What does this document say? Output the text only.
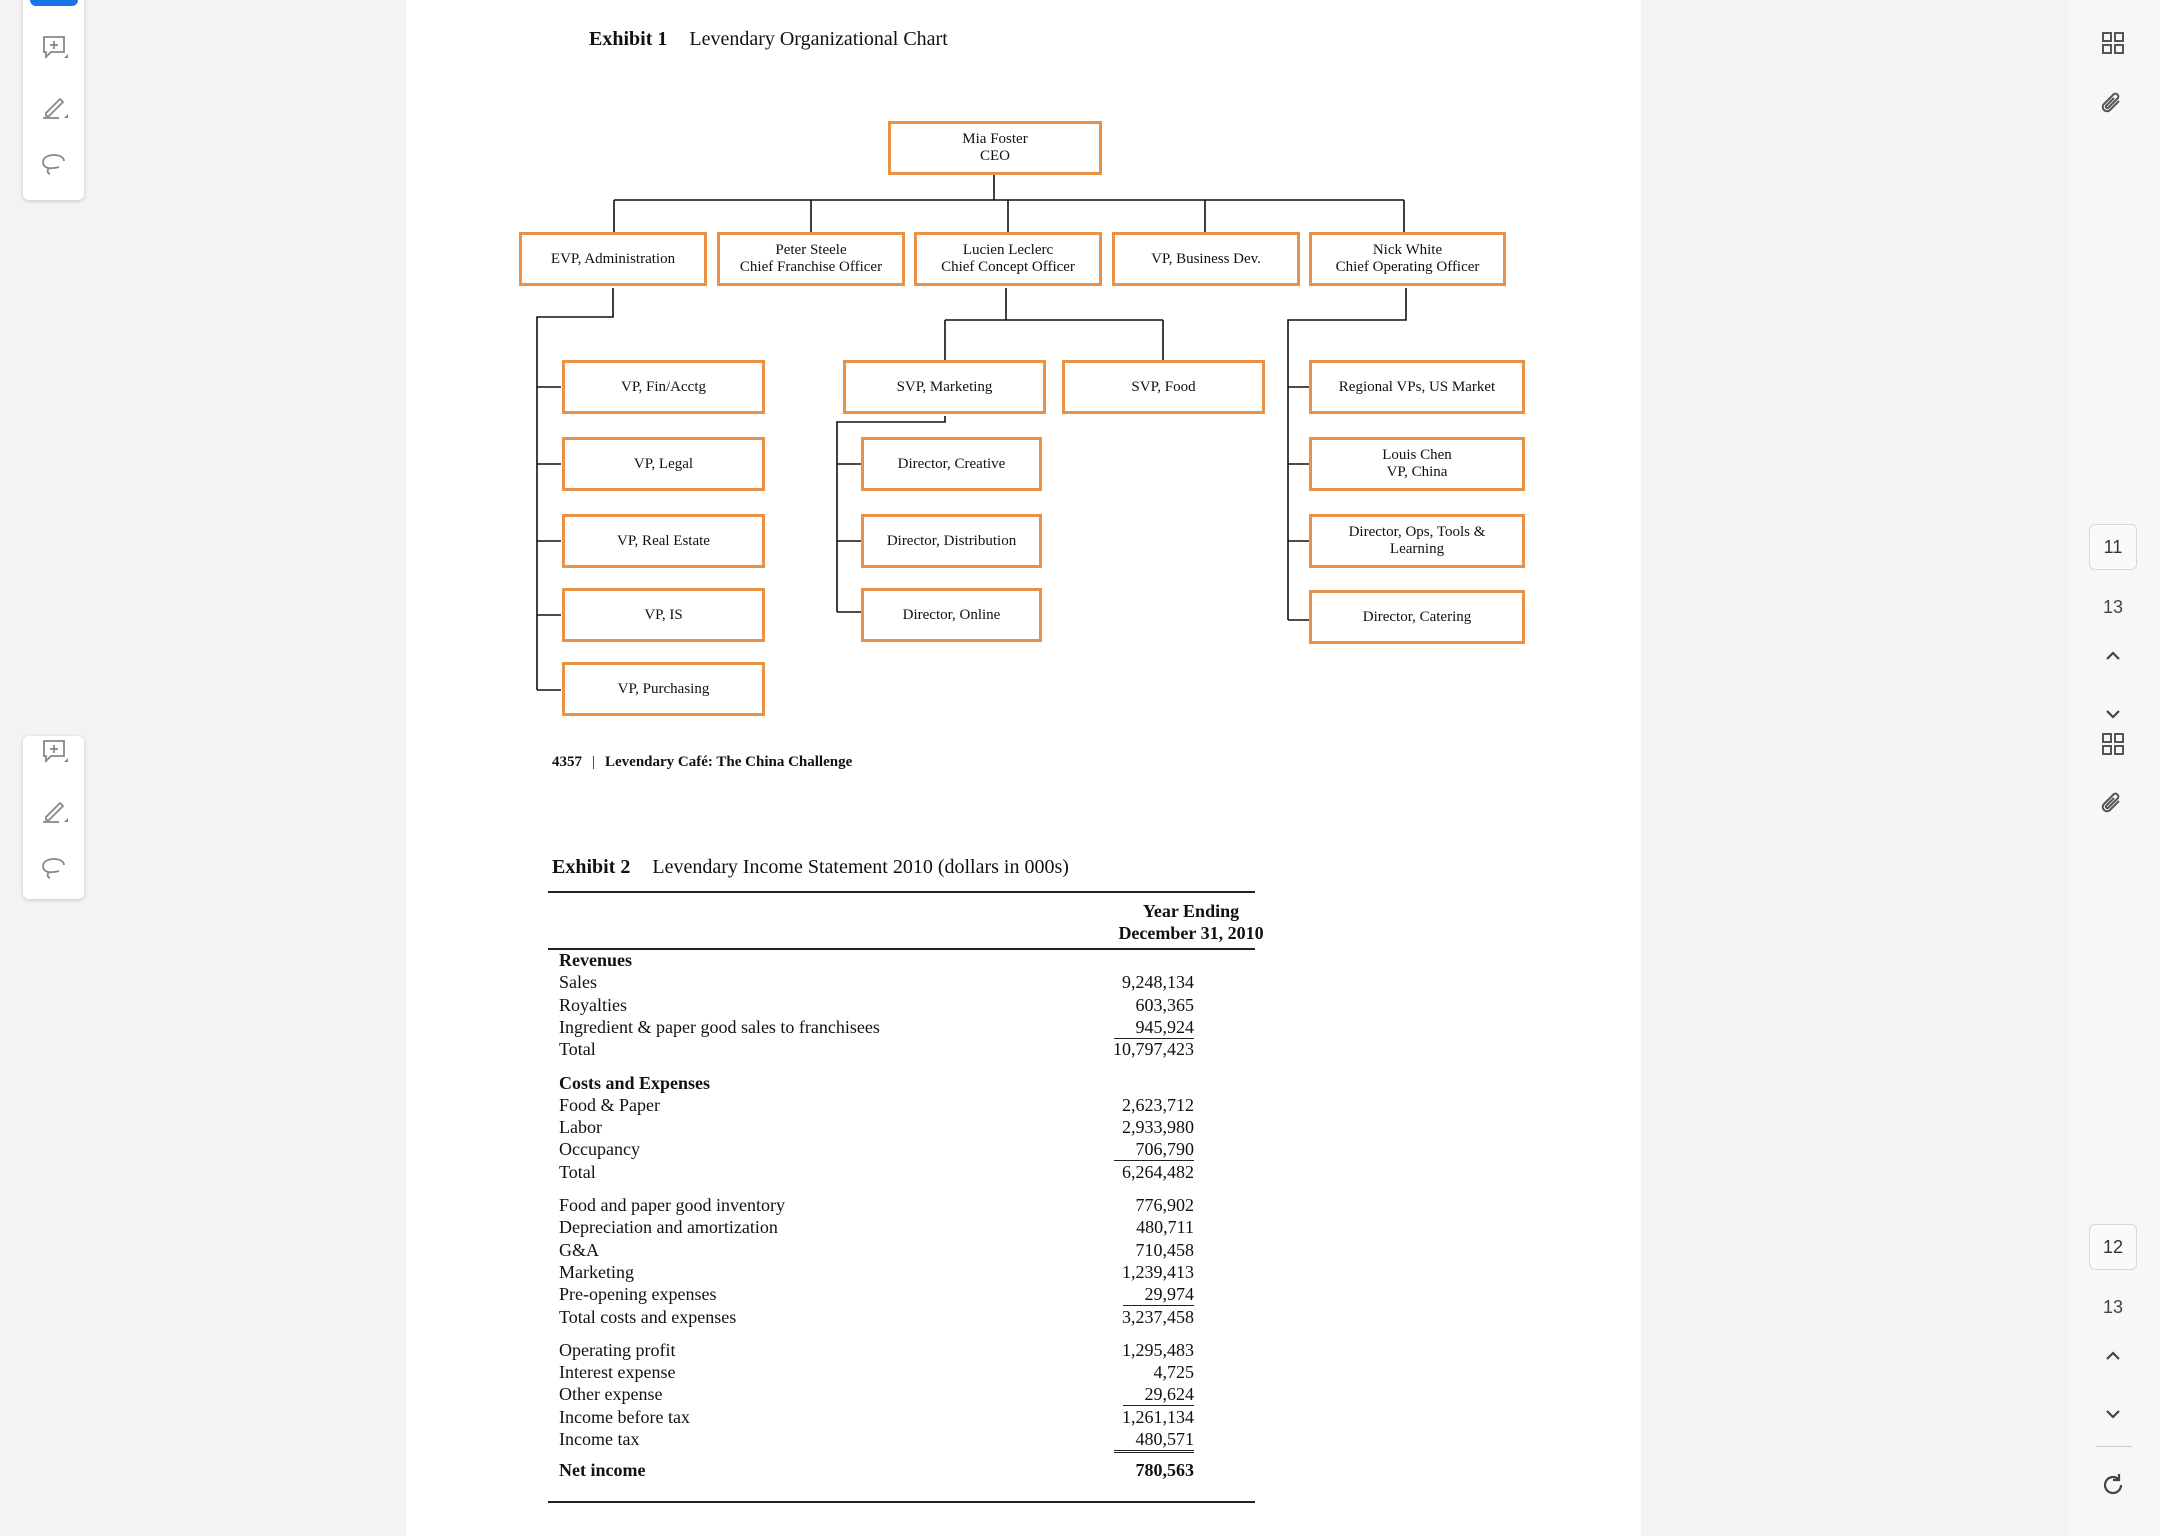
Exhibit 1 Levendary Organizational Chart
Mia Foster
CEO
EVP, Administration
Peter Steele
Chief Franchise Officer
Lucien Leclerc
Chief Concept Officer
VP, Business Dev.
Nick White
Chief Operating Officer
VP, Fin/Acctg
VP, Legal
VP, Real Estate
VP, IS
VP, Purchasing
SVP, Marketing	SVP, Food
Director, Creative
Director, Distribution
Director, Online
Regional VPs, US Market
Louis Chen
VP, China
Director, Ops, Tools &
Learning
Director, Catering
4357 | Levendary Café: The China Challenge
Exhibit 2 Levendary Income Statement 2010 (dollars in 000s)
Year Ending
December 31, 2010
Revenues
Sales	9,248,134
Royalties	603,365
Ingredient & paper good sales to franchisees	945,924
Total	10,797,423
Costs and Expenses
Food & Paper	2,623,712
Labor	2,933,980
Occupancy	706,790
Total	6,264,482
Food and paper good inventory	776,902
Depreciation and amortization	480,711
G&A	710,458
Marketing	1,239,413
Pre-opening expenses	29,974
Total costs and expenses	3,237,458
Operating profit	1,295,483
Interest expense	4,725
Other expense	29,624
Income before tax	1,261,134
Income tax	480,571
Net income	780,563
11
13
12
13
